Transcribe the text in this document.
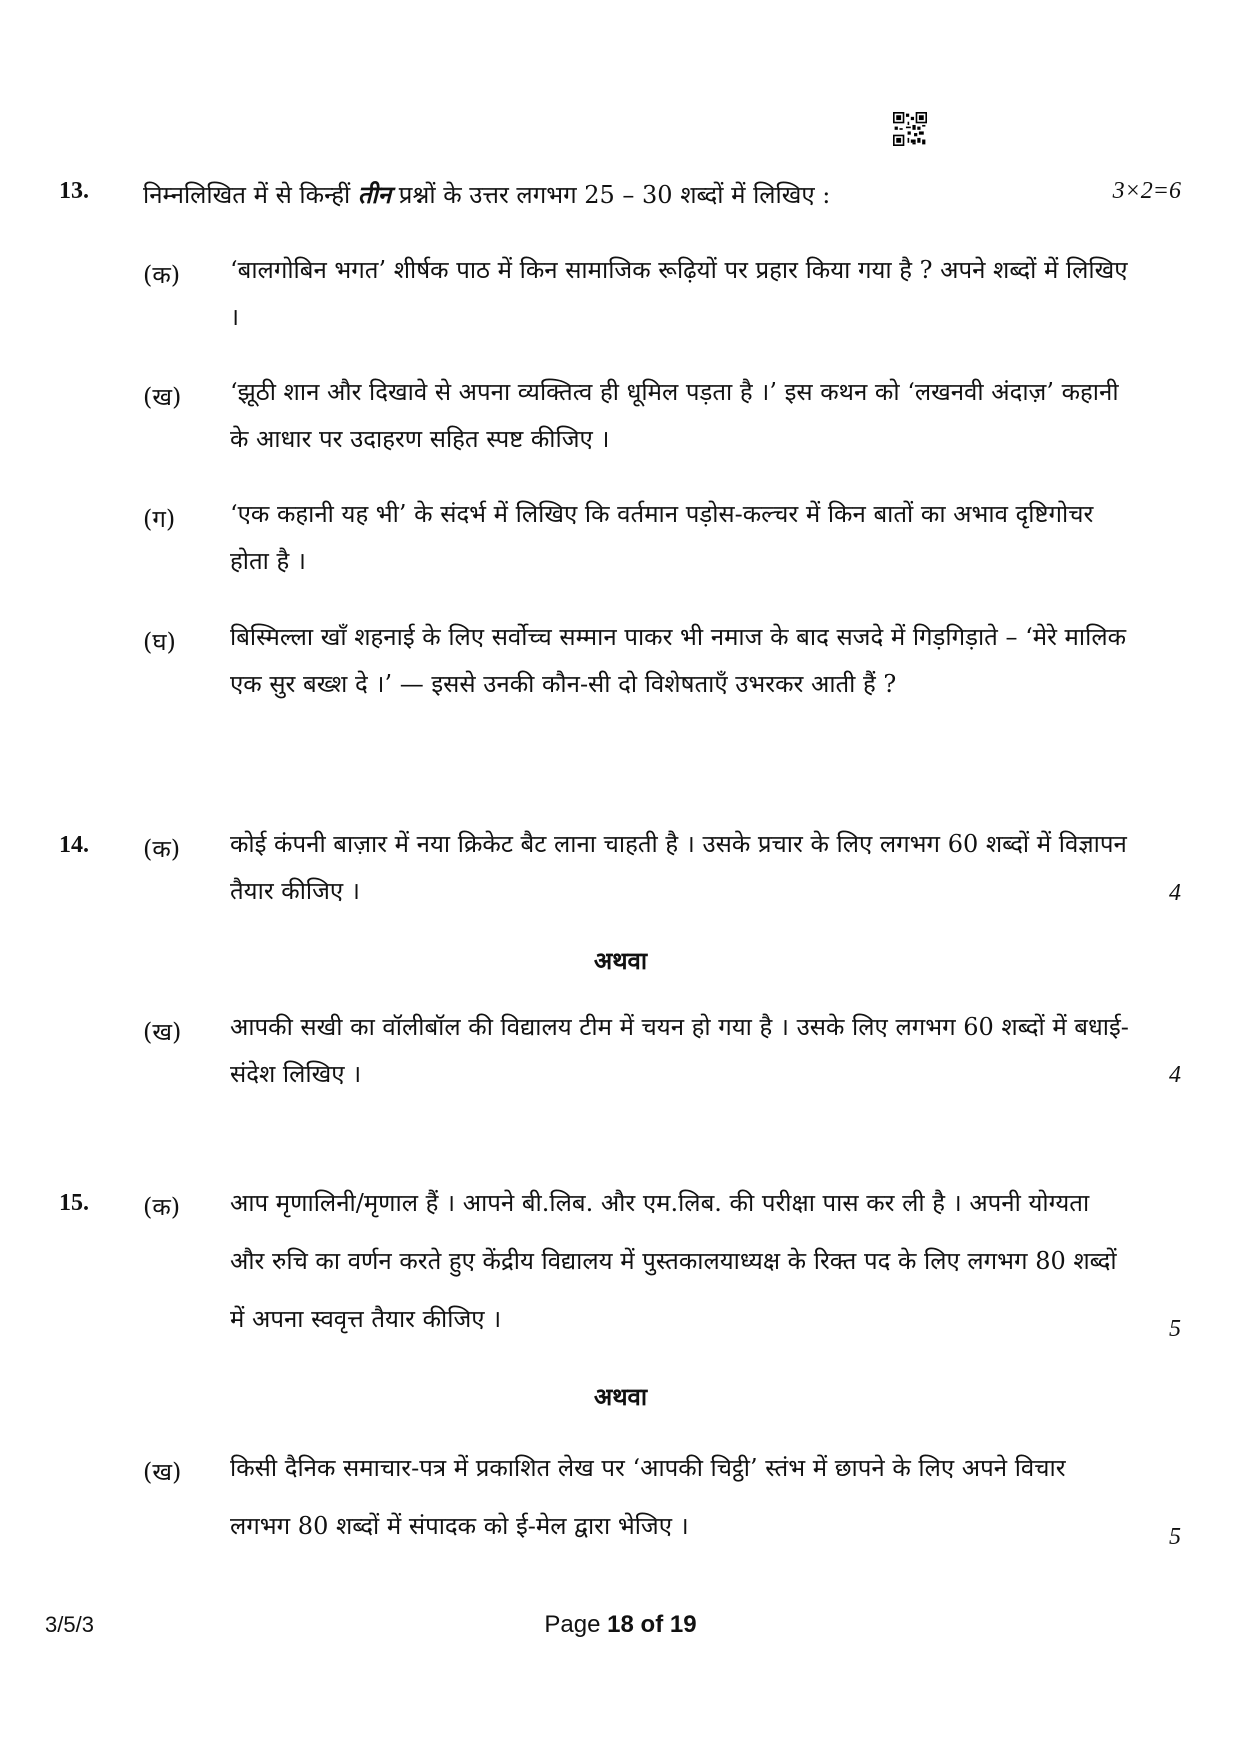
13. निम्नलिखित में से किन्हीं तीन प्रश्नों के उत्तर लगभग 25 – 30 शब्दों में लिखिए :	3×2=6
(क) ‘बालगोबिन भगत’ शीर्षक पाठ में किन सामाजिक रूढ़ियों पर प्रहार किया गया है ? अपने शब्दों में लिखिए ।
(ख) ‘झूठी शान और दिखावे से अपना व्यक्तित्व ही धूमिल पड़ता है ।’ इस कथन को ‘लखनवी अंदाज़’ कहानी के आधार पर उदाहरण सहित स्पष्ट कीजिए ।
(ग) ‘एक कहानी यह भी’ के संदर्भ में लिखिए कि वर्तमान पड़ोस-कल्चर में किन बातों का अभाव दृष्टिगोचर होता है ।
(घ) बिस्मिल्ला खाँ शहनाई के लिए सर्वोच्च सम्मान पाकर भी नमाज के बाद सजदे में गिड़गिड़ाते – ‘मेरे मालिक एक सुर बख्श दे ।’ — इससे उनकी कौन-सी दो विशेषताएँ उभरकर आती हैं ?
14. (क) कोई कंपनी बाज़ार में नया क्रिकेट बैट लाना चाहती है । उसके प्रचार के लिए लगभग 60 शब्दों में विज्ञापन तैयार कीजिए ।	4
अथवा
(ख) आपकी सखी का वॉलीबॉल की विद्यालय टीम में चयन हो गया है । उसके लिए लगभग 60 शब्दों में बधाई-संदेश लिखिए ।	4
15. (क) आप मृणालिनी/मृणाल हैं । आपने बी.लिब. और एम.लिब. की परीक्षा पास कर ली है । अपनी योग्यता और रुचि का वर्णन करते हुए केंद्रीय विद्यालय में पुस्तकालयाध्यक्ष के रिक्त पद के लिए लगभग 80 शब्दों में अपना स्ववृत्त तैयार कीजिए ।	5
अथवा
(ख) किसी दैनिक समाचार-पत्र में प्रकाशित लेख पर ‘आपकी चिट्ठी’ स्तंभ में छापने के लिए अपने विचार लगभग 80 शब्दों में संपादक को ई-मेल द्वारा भेजिए ।	5
3/5/3	Page 18 of 19
